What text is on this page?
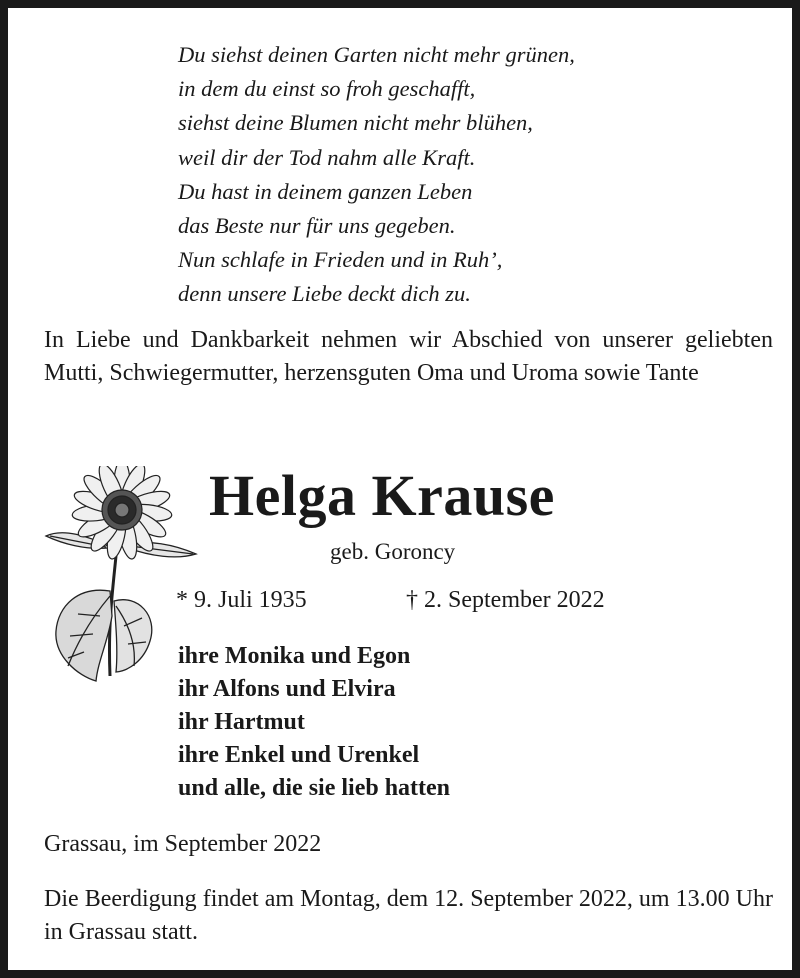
Du siehst deinen Garten nicht mehr grünen,
in dem du einst so froh geschafft,
siehst deine Blumen nicht mehr blühen,
weil dir der Tod nahm alle Kraft.
Du hast in deinem ganzen Leben
das Beste nur für uns gegeben.
Nun schlafe in Frieden und in Ruh’,
denn unsere Liebe deckt dich zu.
In Liebe und Dankbarkeit nehmen wir Abschied von unserer geliebten Mutti, Schwiegermutter, herzensguten Oma und Uroma sowie Tante
Helga Krause
geb. Goroncy
* 9. Juli 1935	† 2. September 2022
ihre Monika und Egon
ihr Alfons und Elvira
ihr Hartmut
ihre Enkel und Urenkel
und alle, die sie lieb hatten
Grassau, im September 2022
Die Beerdigung findet am Montag, dem 12. September 2022, um 13.00 Uhr in Grassau statt.
